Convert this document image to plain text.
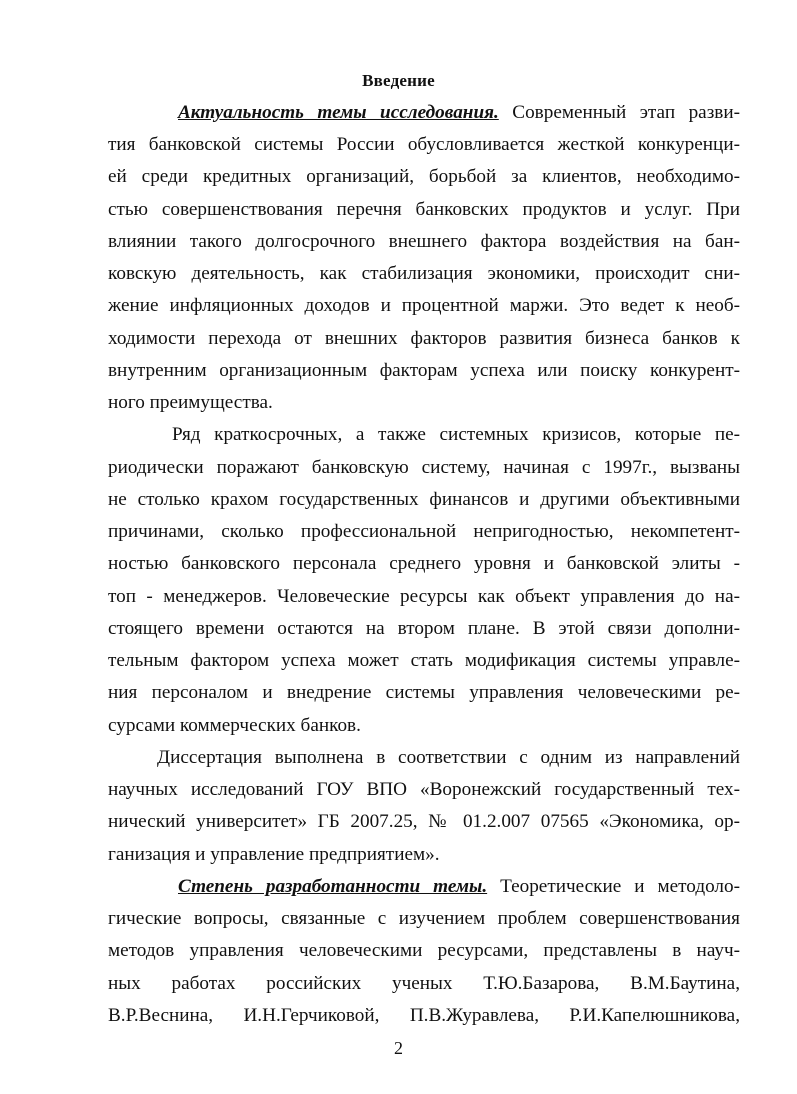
Введение
Актуальность темы исследования. Современный этап разви-
тия банковской системы России обусловливается жесткой конкуренци-
ей среди кредитных организаций, борьбой за клиентов, необходимо-
стью совершенствования перечня банковских продуктов и услуг. При
влиянии такого долгосрочного внешнего фактора воздействия на бан-
ковскую деятельность, как стабилизация экономики, происходит сни-
жение инфляционных доходов и процентной маржи. Это ведет к необ-
ходимости перехода от внешних факторов развития бизнеса банков к
внутренним организационным факторам успеха или поиску конкурент-
ного преимущества.
Ряд краткосрочных, а также системных кризисов, которые пе-
риодически поражают банковскую систему, начиная с 1997г., вызваны
не столько крахом государственных финансов и другими объективными
причинами, сколько профессиональной непригодностью, некомпетент-
ностью банковского персонала среднего уровня и банковской элиты -
топ - менеджеров. Человеческие ресурсы как объект управления до на-
стоящего времени остаются на втором плане. В этой связи дополни-
тельным фактором успеха может стать модификация системы управле-
ния персоналом и внедрение системы управления человеческими ре-
сурсами коммерческих банков.
Диссертация выполнена в соответствии с одним из направлений
научных исследований ГОУ ВПО «Воронежский государственный тех-
нический университет» ГБ 2007.25, № 01.2.007 07565 «Экономика, ор-
ганизация и управление предприятием».
Степень разработанности темы. Теоретические и методоло-
гические вопросы, связанные с изучением проблем совершенствования
методов управления человеческими ресурсами, представлены в науч-
ных работах российских ученых Т.Ю.Базарова, В.М.Баутина,
В.Р.Веснина, И.Н.Герчиковой, П.В.Журавлева, Р.И.Капелюшникова,
2
